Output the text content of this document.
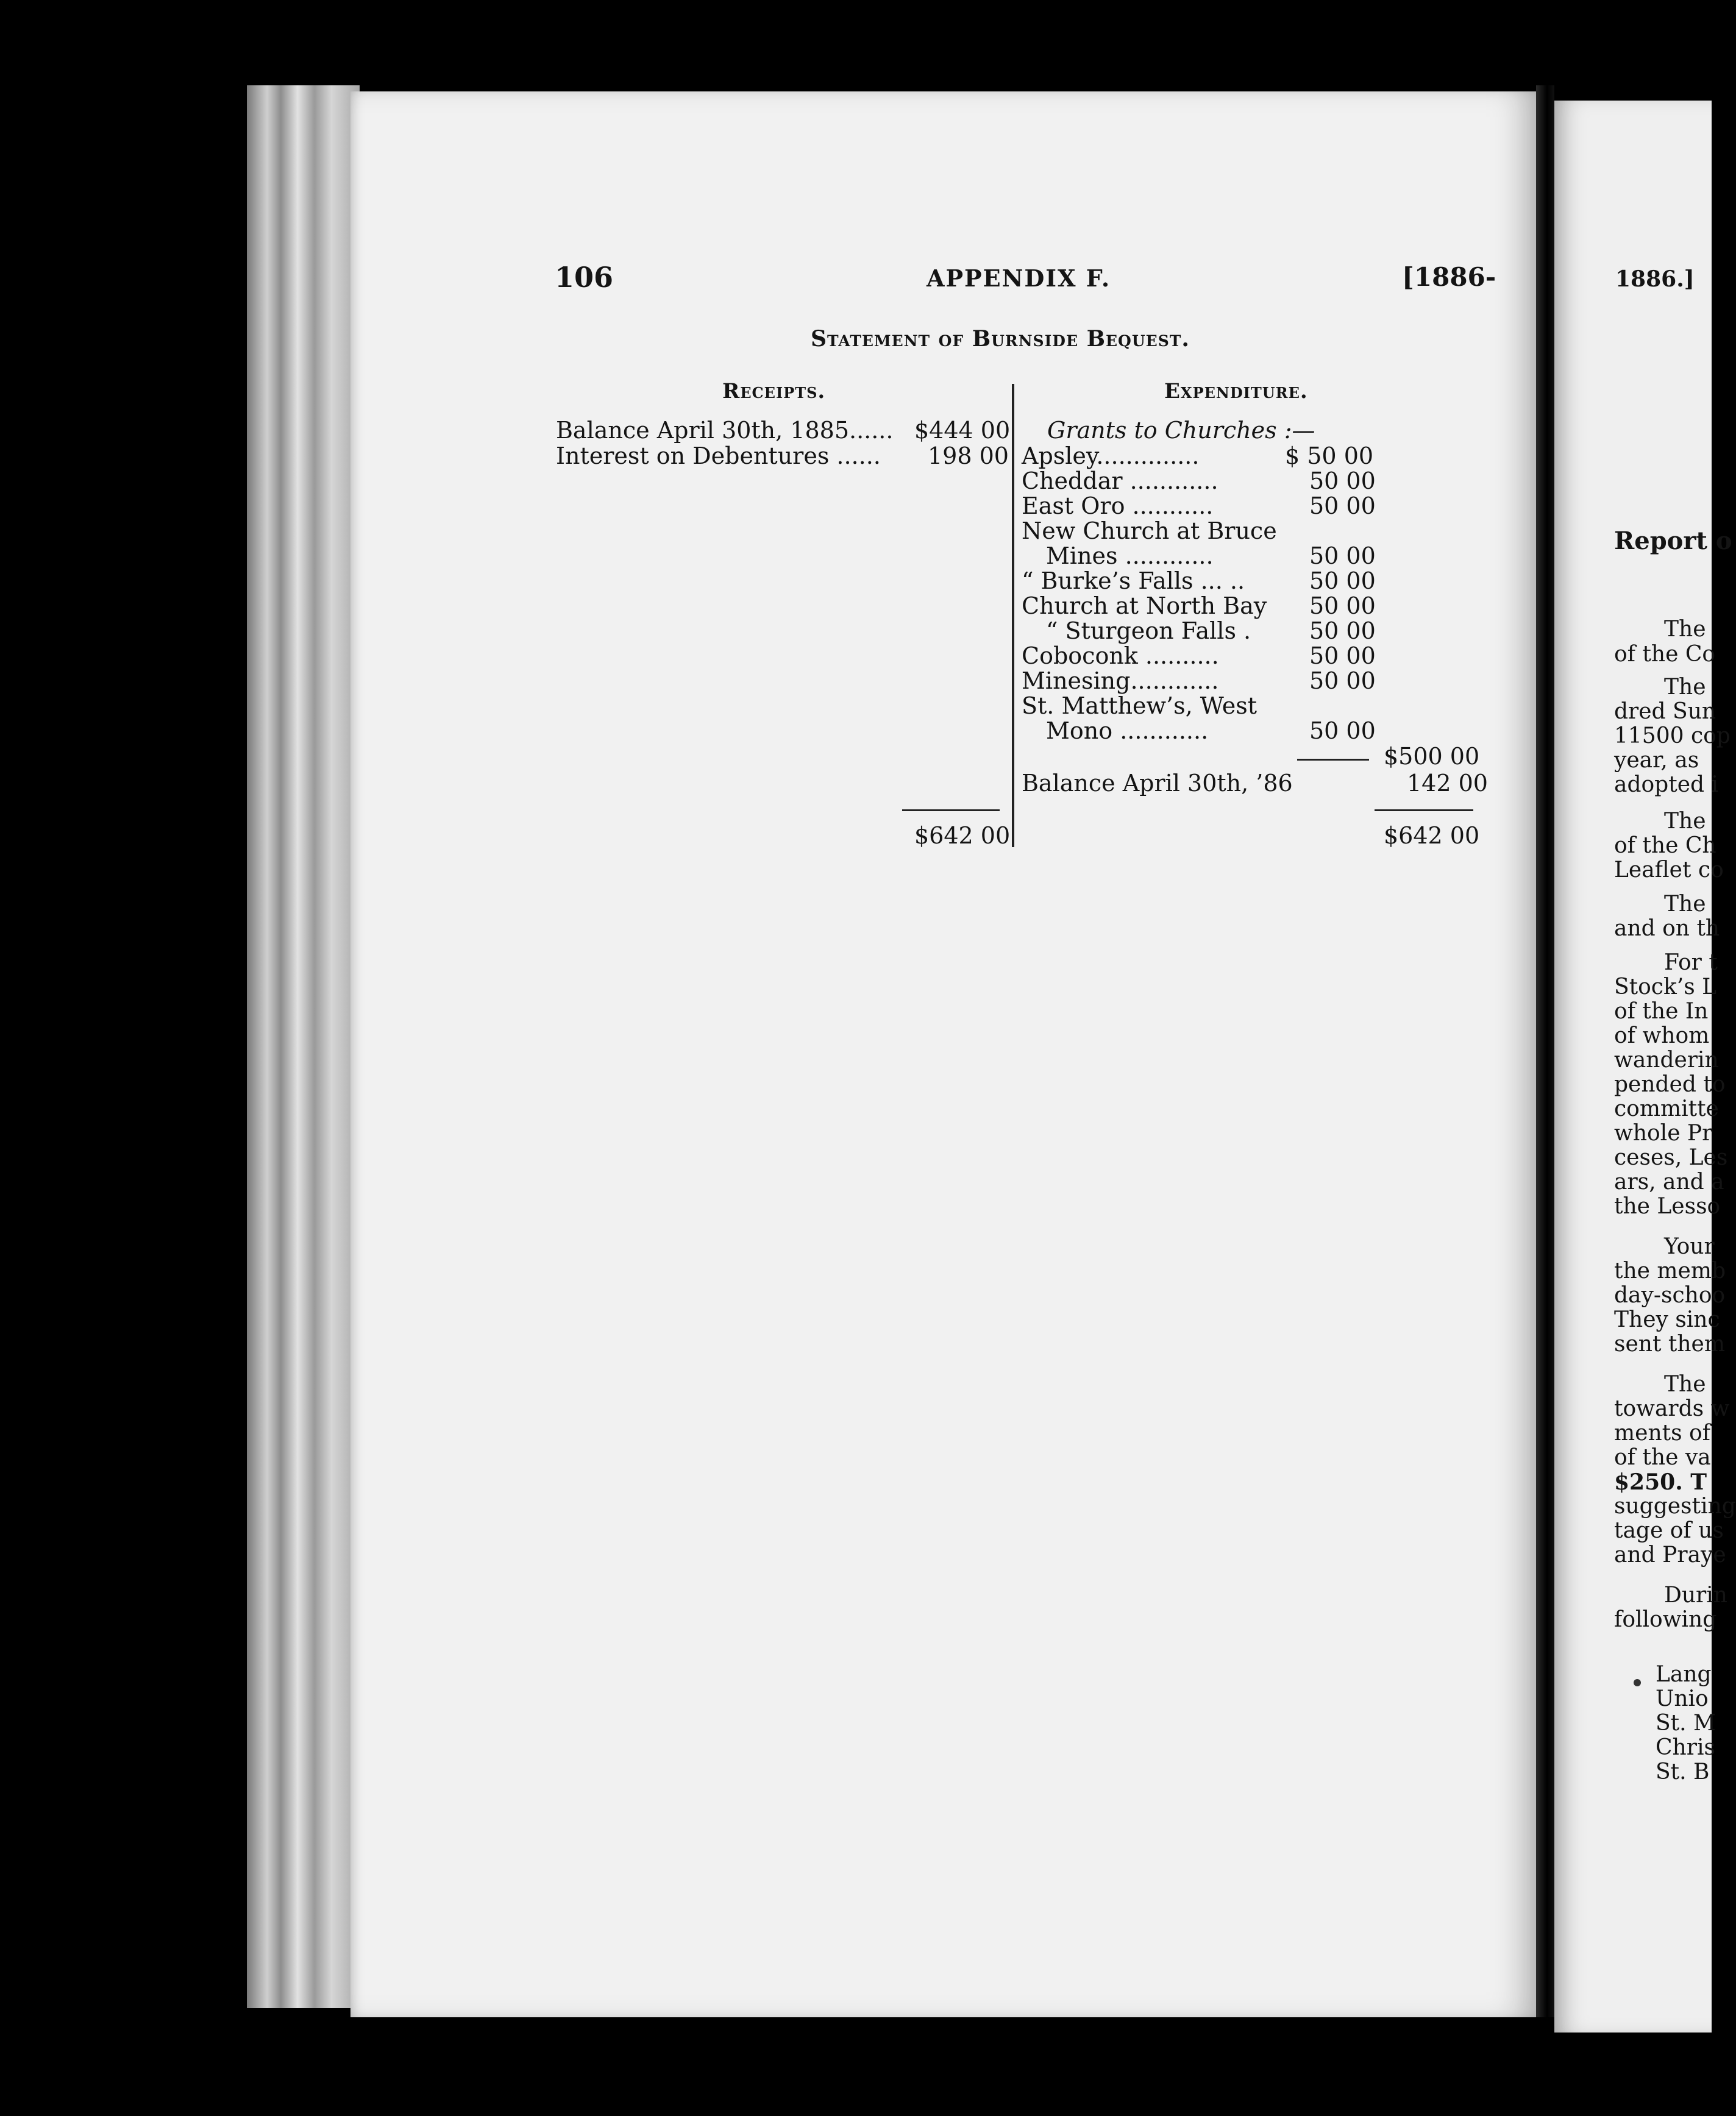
106	APPENDIX F.	[1886-
Statement of Burnside Bequest.
Receipts.	Expenditure.
Balance April 30th, 1885...... $444 00
Interest on Debentures ...... 198 00
$642 00
Grants to Churches :—
Apsley..............	$ 50 00
Cheddar ............	50 00
East Oro ...........	50 00
New Church at Bruce
Mines ............	50 00
“ Burke’s Falls ... ..	50 00
Church at North Bay 50 00
“ Sturgeon Falls .	50 00
Coboconk ..........	50 00
Minesing............	50 00
St. Matthew’s, West
Mono ............	50 00
$500 00
Balance April 30th, ’86	142 00
$642 00
1886.]
Report o
The
of the Co
The
dred Sun
11500 cop
year, as
adopted i
The
of the Ch
Leaflet co
The
and on th
For t
Stock’s L
of the In
of whom
wanderin
pended to
committe
whole Pr
ceses, Les
ars, and a
the Lesso
Your
the memb
day-schoo
They sinc
sent them
The
towards w
ments of
of the va
$250. T
suggesting
tage of us
and Praye
Durin
following
Lang
Unio
St. M
Chris
St. B
